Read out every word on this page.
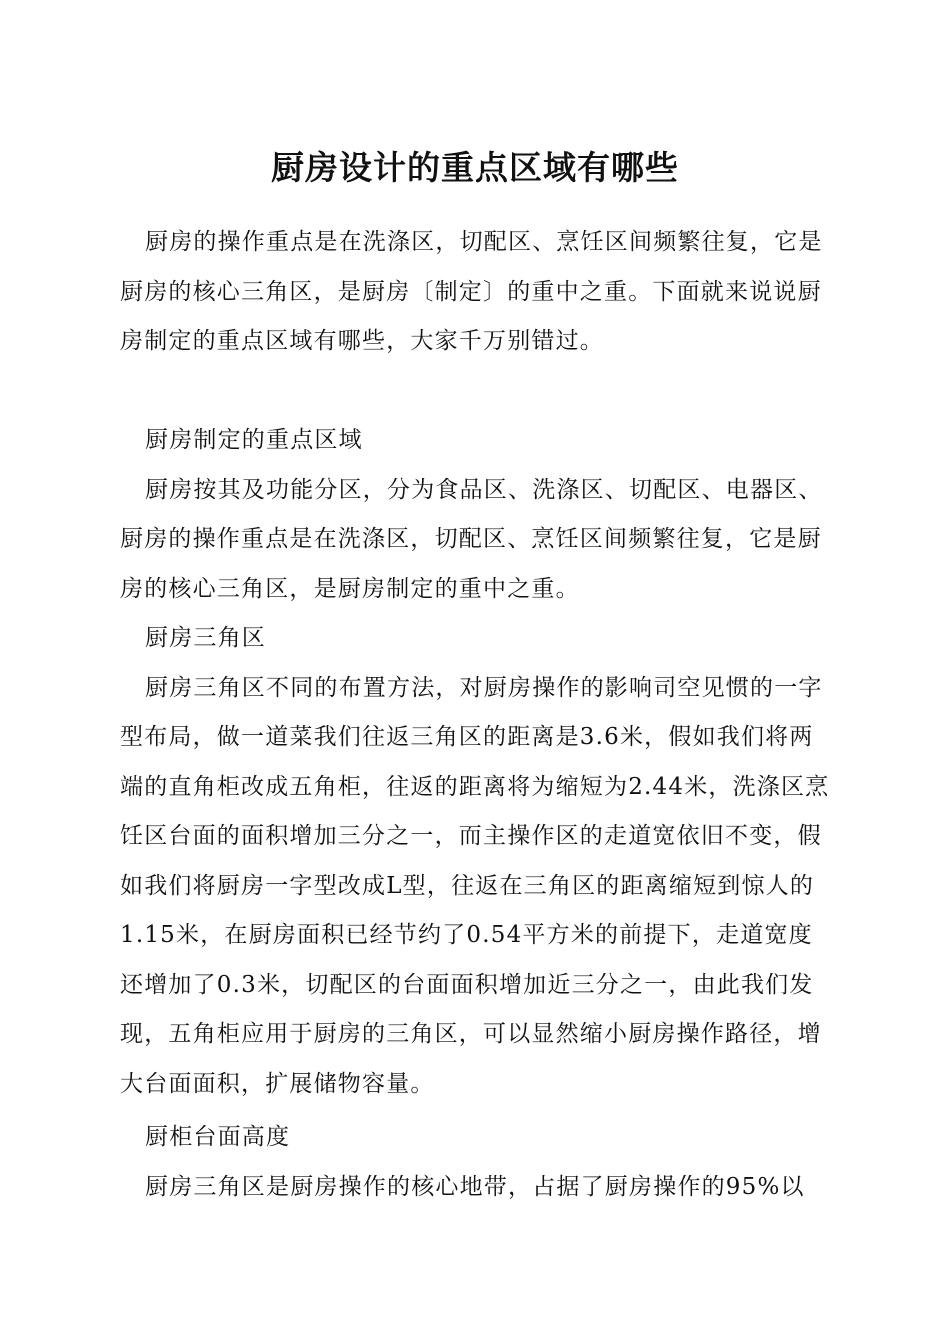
厨房设计的重点区域有哪些

厨房的操作重点是在洗涤区，切配区、烹饪区间频繁往复，它是厨房的核心三角区，是厨房〔制定〕的重中之重。下面就来说说厨房制定的重点区域有哪些，大家千万别错过。

厨房制定的重点区域

厨房按其及功能分区，分为食品区、洗涤区、切配区、电器区、厨房的操作重点是在洗涤区，切配区、烹饪区间频繁往复，它是厨房的核心三角区，是厨房制定的重中之重。

厨房三角区

厨房三角区不同的布置方法，对厨房操作的影响司空见惯的一字型布局，做一道菜我们往返三角区的距离是3.6米，假如我们将两端的直角柜改成五角柜，往返的距离将为缩短为2.44米，洗涤区烹饪区台面的面积增加三分之一，而主操作区的走道宽依旧不变，假如我们将厨房一字型改成L型，往返在三角区的距离缩短到惊人的1.15米，在厨房面积已经节约了0.54平方米的前提下，走道宽度还增加了0.3米，切配区的台面面积增加近三分之一，由此我们发现，五角柜应用于厨房的三角区，可以显然缩小厨房操作路径，增大台面面积，扩展储物容量。

厨柜台面高度

厨房三角区是厨房操作的核心地带，占据了厨房操作的95%以
